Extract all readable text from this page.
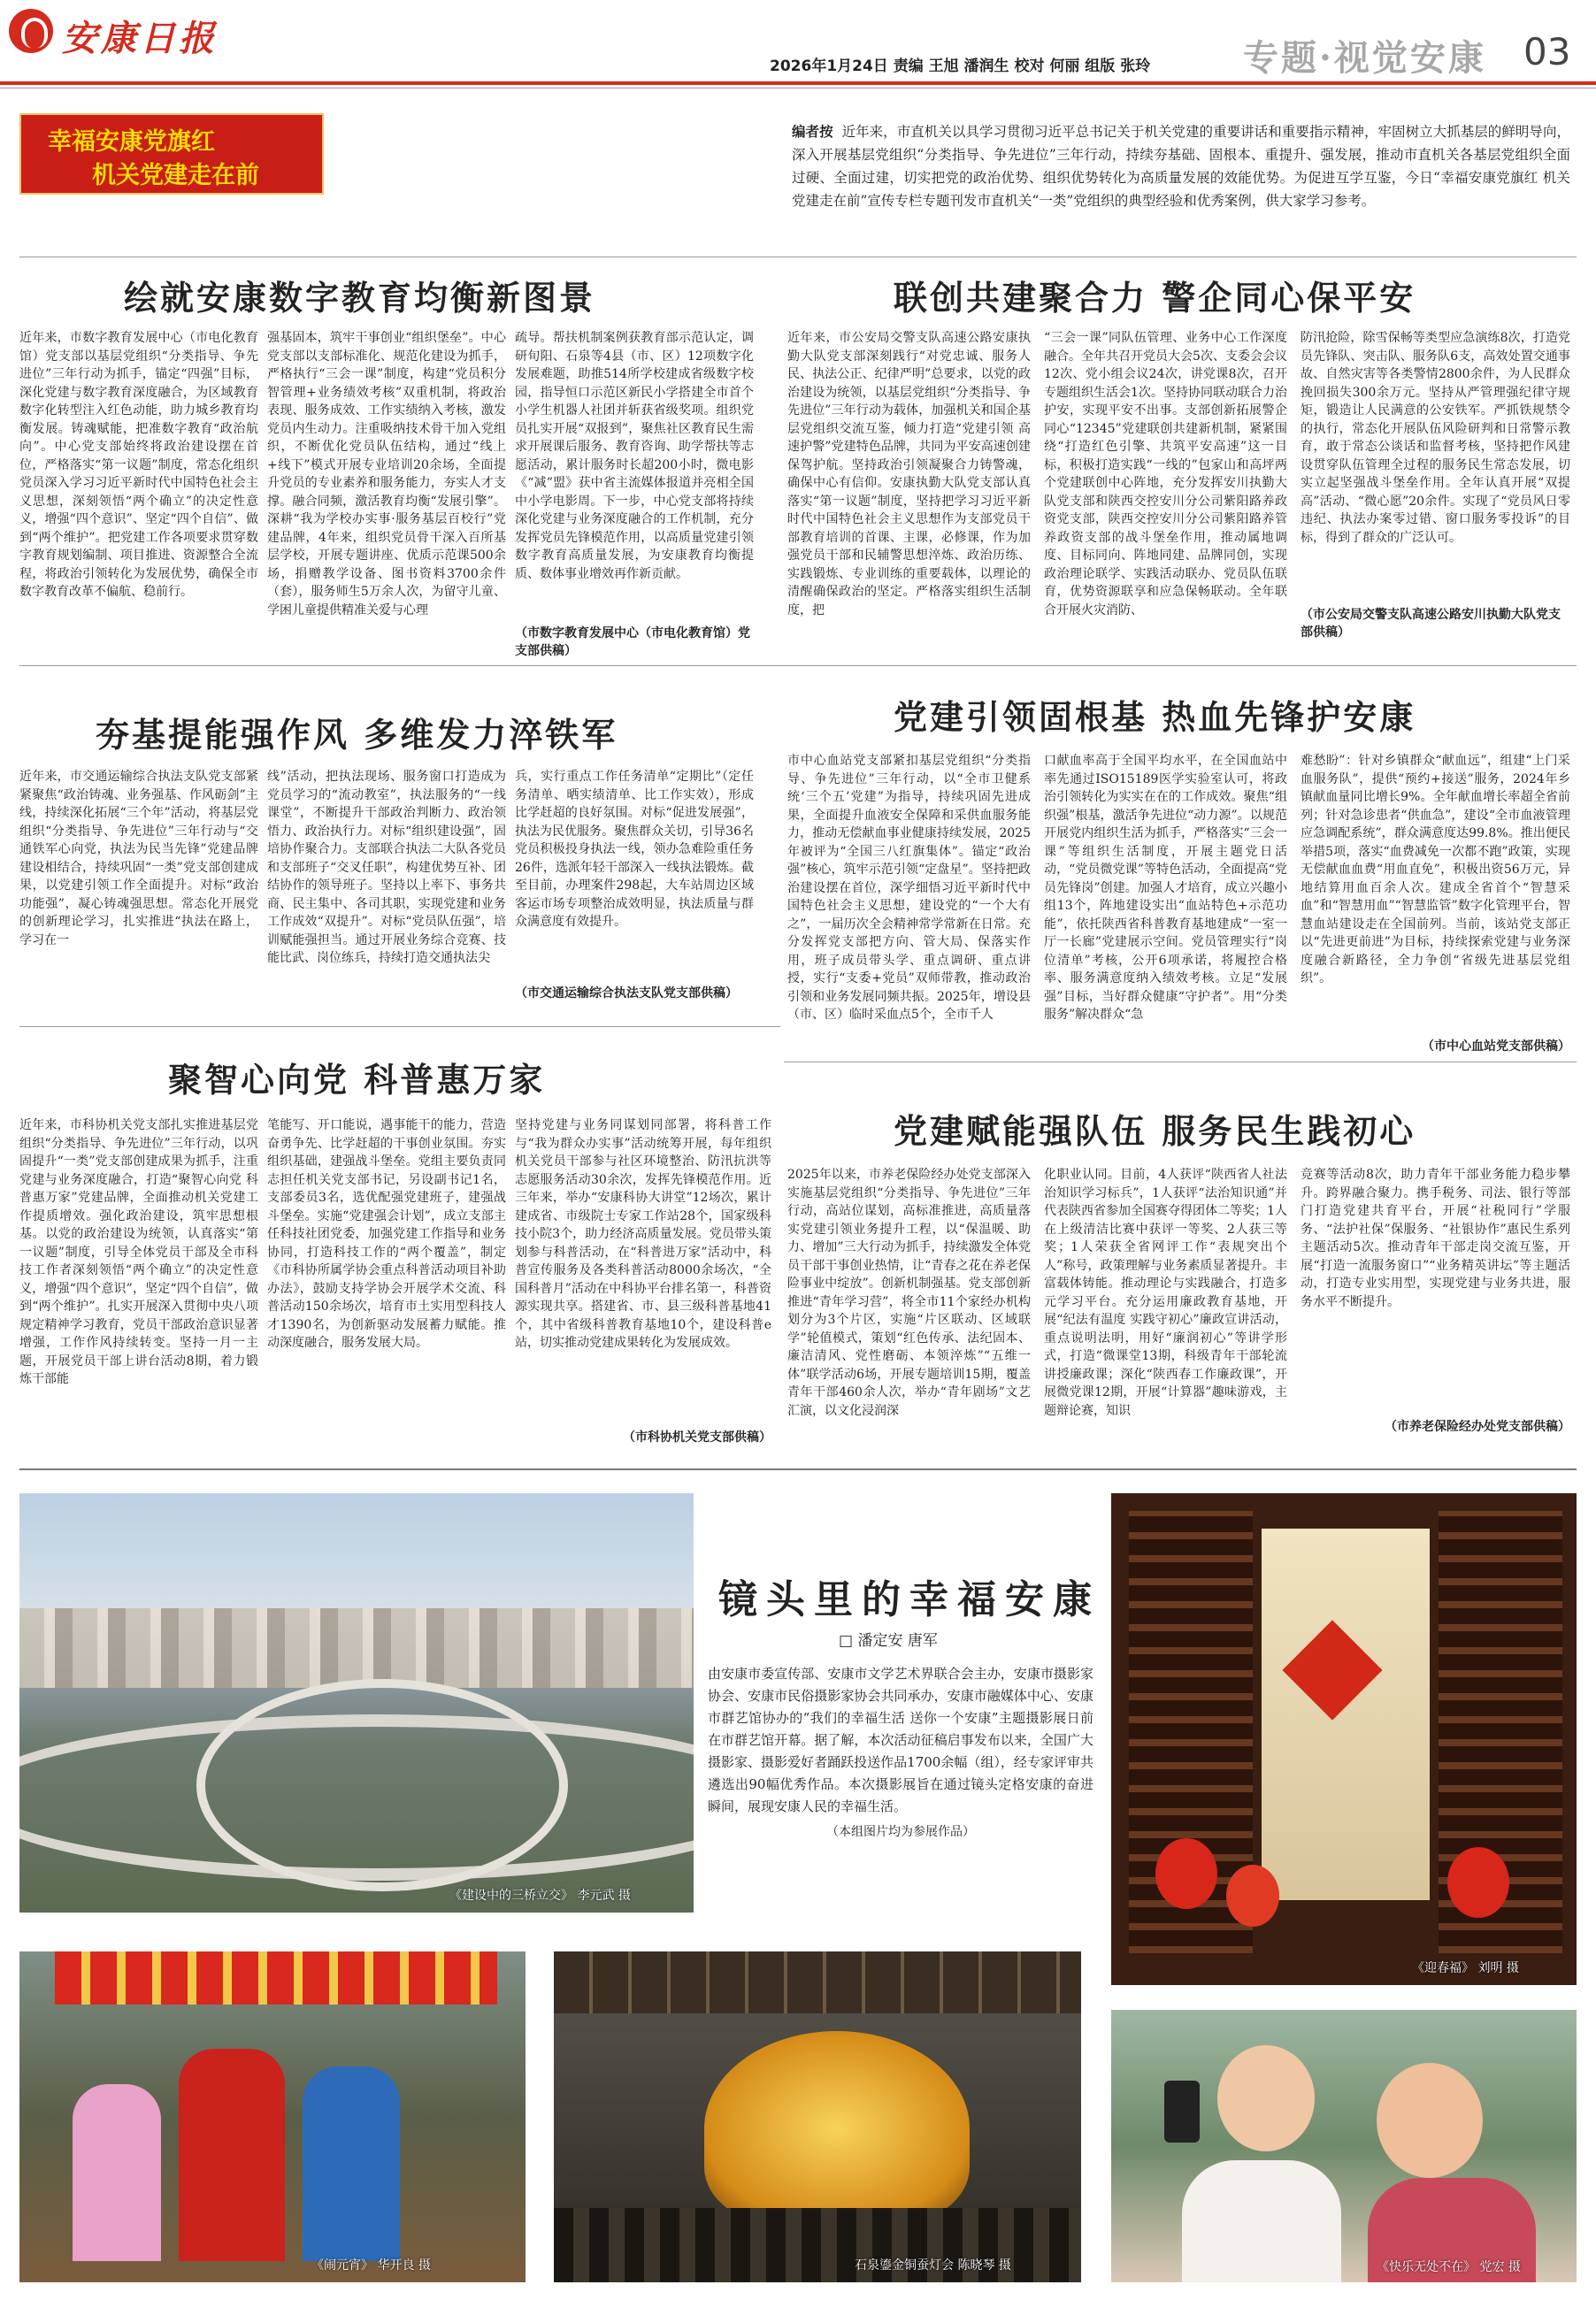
安康日报
2026年1月24日 责编 王旭 潘润生 校对 何丽 组版 张玲	专题·视觉安康 03
幸福安康党旗红
机关党建走在前
编者按 近年来，市直机关以具学习贯彻习近平总书记关于机关党建的重要讲话和重要指示精神，牢固树立大抓基层的鲜明导向，深入开展基层党组织“分类指导、争先进位”三年行动，持续夯基础、固根本、重提升、强发展，推动市直机关各基层党组织全面过硬、全面过建，切实把党的政治优势、组织优势转化为高质量发展的效能优势。为促进互学互鉴，今日“幸福安康党旗红 机关党建走在前”宣传专栏专题刊发市直机关“一类”党组织的典型经验和优秀案例，供大家学习参考。
绘就安康数字教育均衡新图景
近年来，市数字教育发展中心（市电化教育馆）党支部以基层党组织“分类指导、争先进位”三年行动为抓手，锚定“四强”目标，深化党建与数字教育深度融合，为区域教育数字化转型注入红色动能，助力城乡教育均衡发展。铸魂赋能，把准数字教育“政治航向”。中心党支部始终将政治建设摆在首位，严格落实“第一议题”制度，常态化组织党员深入学习习近平新时代中国特色社会主义思想，深刻领悟“两个确立”的决定性意义，增强“四个意识”、坚定“四个自信”、做到“两个维护”。把党建工作各项要求贯穿数字教育规划编制、项目推进、资源整合全流程，将政治引领转化为发展优势，确保全市数字教育改革不偏航、稳前行。
强基固本，筑牢干事创业“组织堡垒”。中心党支部以支部标准化、规范化建设为抓手，严格执行“三会一课”制度，构建“党员积分智管理+业务绩效考核”双重机制，将政治表现、服务成效、工作实绩纳入考核，激发党员内生动力。注重吸纳技术骨干加入党组织，不断优化党员队伍结构，通过“线上+线下”模式开展专业培训20余场，全面提升党员的专业素养和服务能力，夯实人才支撑。融合同频，激活教育均衡“发展引擎”。深耕“我为学校办实事·服务基层百校行”党建品牌，4年来，组织党员骨干深入百所基层学校，开展专题讲座、优质示范课500余场，捐赠教学设备、图书资料3700余件（套），服务师生5万余人次，为留守儿童、学困儿童提供精准关爱与心理
疏导。帮扶机制案例获教育部示范认定，调研旬阳、石泉等4县（市、区）12项数字化发展难题，助推514所学校建成省级数字校园，指导恒口示范区新民小学搭建全市首个小学生机器人社团并斩获省级奖项。组织党员扎实开展“双报到”，聚焦社区教育民生需求开展课后服务、教育咨询、助学帮扶等志愿活动，累计服务时长超200小时，微电影《“减”盟》获中省主流媒体报道并亮相全国中小学电影周。下一步，中心党支部将持续深化党建与业务深度融合的工作机制，充分发挥党员先锋模范作用，以高质量党建引领数字教育高质量发展，为安康教育均衡提质、数体事业增效再作新贡献。
（市数字教育发展中心（市电化教育馆）党支部供稿）
联创共建聚合力 警企同心保平安
近年来，市公安局交警支队高速公路安康执勤大队党支部深刻践行“对党忠诚、服务人民、执法公正、纪律严明”总要求，以党的政治建设为统领，以基层党组织“分类指导、争先进位”三年行动为载体，加强机关和国企基层党组织交流互鉴，倾力打造“党建引领 高速护警”党建特色品牌，共同为平安高速创建保驾护航。坚持政治引领凝聚合力铸警魂，确保中心有信仰。安康执勤大队党支部认真落实“第一议题”制度，坚持把学习习近平新时代中国特色社会主义思想作为支部党员干部教育培训的首课、主课，必修课，作为加强党员干部和民辅警思想淬炼、政治历练、实践锻炼、专业训练的重要载体，以理论的清醒确保政治的坚定。严格落实组织生活制度，把
“三会一课”同队伍管理、业务中心工作深度融合。全年共召开党员大会5次、支委会会议12次、党小组会议24次，讲党课8次，召开专题组织生活会1次。坚持协同联动联合力治护安，实现平安不出事。支部创新拓展警企同心“12345”党建联创共建新机制，紧紧围绕“打造红色引擎、共筑平安高速”这一目标，积极打造实践“一线的”包家山和高坪两个党建联创中心阵地，充分发挥安川执勤大队党支部和陕西交控安川分公司紫阳路养政资党支部，陕西交控安川分公司紫阳路养管养政资支部的战斗堡垒作用，推动属地调度、目标同向、阵地同建、品牌同创，实现政治理论联学、实践活动联办、党员队伍联育，优势资源联享和应急保畅联动。全年联合开展火灾消防、
防汛抢险，除雪保畅等类型应急演练8次，打造党员先锋队、突击队、服务队6支，高效处置交通事故、自然灾害等各类警情2800余件，为人民群众挽回损失300余万元。坚持从严管理强纪律守规矩，锻造让人民满意的公安铁军。严抓铁规禁令的执行，常态化开展队伍风险研判和日常警示教育，敢于常态公谈话和监督考核，坚持把作风建设贯穿队伍管理全过程的服务民生常态发展，切实立起坚强战斗堡垒作用。全年认真开展“双提高”活动、“微心愿”20余件。实现了“党员风日零违纪、执法办案零过错、窗口服务零投诉”的目标，得到了群众的广泛认可。
（市公安局交警支队高速公路安川执勤大队党支部供稿）
夯基提能强作风 多维发力淬铁军
近年来，市交通运输综合执法支队党支部紧紧聚焦“政治铸魂、业务强基、作风砺剑”主线，持续深化拓展“三个年”活动，将基层党组织“分类指导、争先进位”三年行动与“交通铁军心向党，执法为民当先锋”党建品牌建设相结合，持续巩固“一类”党支部创建成果，以党建引领工作全面提升。对标“政治功能强”，凝心铸魂强思想。常态化开展党的创新理论学习，扎实推进“执法在路上，学习在一
线”活动，把执法现场、服务窗口打造成为党员学习的“流动教室”，执法服务的“一线课堂”，不断提升干部政治判断力、政治领悟力、政治执行力。对标“组织建设强”，固培协作聚合力。支部联合执法二大队各党员和支部班子“交叉任职”，构建优势互补、团结协作的领导班子。坚持以上率下、事务共商、民主集中、各司其职，实现党建和业务工作成效“双提升”。对标“党员队伍强”，培训赋能强担当。通过开展业务综合竞赛、技能比武、岗位练兵，持续打造交通执法尖
兵，实行重点工作任务清单“定期比”（定任务清单、晒实绩清单、比工作实效），形成比学赶超的良好氛围。对标“促进发展强”，执法为民优服务。聚焦群众关切，引导36名党员积极投身执法一线，领办急难险重任务26件，选派年轻干部深入一线执法锻炼。截至目前，办理案件298起，大车站周边区域客运市场专项整治成效明显，执法质量与群众满意度有效提升。
（市交通运输综合执法支队党支部供稿）
党建引领固根基 热血先锋护安康
市中心血站党支部紧扣基层党组织“分类指导、争先进位”三年行动，以“全市卫健系统‘三个五’党建”为指导，持续巩固先进成果，全面提升血液安全保障和采供血服务能力，推动无偿献血事业健康持续发展，2025年被评为“全国三八红旗集体”。锚定“政治强”核心，筑牢示范引领“定盘星”。坚持把政治建设摆在首位，深学细悟习近平新时代中国特色社会主义思想，建设党的“一个大有之”，一届历次全会精神常学常新在日常。充分发挥党支部把方向、管大局、保落实作用，班子成员带头学、重点调研、重点讲授，实行“支委+党员”双师带教，推动政治引领和业务发展同频共振。2025年，增设县（市、区）临时采血点5个，全市千人
口献血率高于全国平均水平，在全国血站中率先通过ISO15189医学实验室认可，将政治引领转化为实实在在的工作成效。聚焦“组织强”根基，激活争先进位“动力源”。以规范开展党内组织生活为抓手，严格落实“三会一课”等组织生活制度，开展主题党日活动，“党员微党课”等特色活动，全面提高“党员先锋岗”创建。加强人才培育，成立兴趣小组13个，阵地建设实出“血站特色+示范功能”，依托陕西省科普教育基地建成“一室一厅一长廊”党建展示空间。党员管理实行“岗位清单”考核，公开6项承诺，将履控合格率、服务满意度纳入绩效考核。立足“发展强”目标，当好群众健康“守护者”。用“分类服务”解决群众“急
难愁盼”：针对乡镇群众“献血远”，组建“上门采血服务队”，提供“预约+接送”服务，2024年乡镇献血量同比增长9%。全年献血增长率超全省前列；针对急诊患者“供血急”，建设“全市血液管理应急调配系统”，群众满意度达99.8%。推出便民举措5项，落实“血费减免一次都不跑”政策，实现无偿献血血费“用血直免”，积极出资56万元，异地结算用血百余人次。建成全省首个“智慧采血”和“智慧用血”“智慧监管”数字化管理平台，智慧血站建设走在全国前列。当前，该站党支部正以“先进更前进”为目标，持续探索党建与业务深度融合新路径，全力争创“省级先进基层党组织”。
（市中心血站党支部供稿）
聚智心向党 科普惠万家
近年来，市科协机关党支部扎实推进基层党组织“分类指导、争先进位”三年行动，以巩固提升“一类”党支部创建成果为抓手，注重党建与业务深度融合，打造“聚智心向党 科普惠万家”党建品牌，全面推动机关党建工作提质增效。强化政治建设，筑牢思想根基。以党的政治建设为统领，认真落实“第一议题”制度，引导全体党员干部及全市科技工作者深刻领悟“两个确立”的决定性意义，增强“四个意识”，坚定“四个自信”，做到“两个维护”。扎实开展深入贯彻中央八项规定精神学习教育，党员干部政治意识显著增强，工作作风持续转变。坚持一月一主题，开展党员干部上讲台活动8期，着力锻炼干部能
笔能写、开口能说，遇事能干的能力，营造奋勇争先、比学赶超的干事创业氛围。夯实组织基础，建强战斗堡垒。党组主要负责同志担任机关党支部书记，另设副书记1名，支部委员3名，选优配强党建班子，建强战斗堡垒。实施“党建强会计划”，成立支部主任科技社团党委，加强党建工作指导和业务协同，打造科技工作的“两个覆盖”，制定《市科协所属学协会重点科普活动项目补助办法》，鼓励支持学协会开展学术交流、科普活动150余场次，培育市土实用型科技人才1390名，为创新驱动发展蓄力赋能。推动深度融合，服务发展大局。
坚持党建与业务同谋划同部署，将科普工作与“我为群众办实事”活动统筹开展，每年组织机关党员干部参与社区环境整治、防汛抗洪等志愿服务活动30余次，发挥先锋模范作用。近三年来，举办“安康科协大讲堂”12场次，累计建成省、市级院士专家工作站28个，国家级科技小院3个，助力经济高质量发展。党员带头策划参与科普活动，在“科普进万家”活动中，科普宣传服务及各类科普活动8000余场次，“全国科普月”活动在中科协平台排名第一，科普资源实现共享。搭建省、市、县三级科普基地41个，其中省级科普教育基地10个，建设科普e站，切实推动党建成果转化为发展成效。
（市科协机关党支部供稿）
党建赋能强队伍 服务民生践初心
2025年以来，市养老保险经办处党支部深入实施基层党组织“分类指导、争先进位”三年行动，高站位谋划，高标准推进，高质量落实党建引领业务提升工程，以“保温暖、助力、增加”三大行动为抓手，持续激发全体党员干部干事创业热情，让“青春之花在养老保险事业中绽放”。创新机制强基。党支部创新推进“青年学习营”，将全市11个家经办机构划分为3个片区，实施“片区联动、区域联学”轮值模式，策划“红色传承、法纪固本、廉洁清风、党性磨砺、本领淬炼”“五维一体”联学活动6场，开展专题培训15期，覆盖青年干部460余人次，举办“青年剧场”文艺汇演，以文化浸润深
化职业认同。目前，4人获评“陕西省人社法治知识学习标兵”，1人获评“法治知识通”并代表陕西省参加全国赛夺得团体二等奖；1人在上级清洁比赛中获评一等奖、2人获三等奖；1人荣获全省网评工作“表规突出个人”称号，政策理解与业务素质显著提升。丰富载体铸能。推动理论与实践融合，打造多元学习平台。充分运用廉政教育基地，开展“纪法有温度 实践守初心”廉政宣讲活动，重点说明法明，用好“廉润初心”等讲学形式，打造“微课堂13期，科级青年干部轮流讲授廉政课；深化“陕西春工作廉政课”，开展微党课12期，开展“计算器”趣味游戏，主题辩论赛，知识
竞赛等活动8次，助力青年干部业务能力稳步攀升。跨界融合聚力。携手税务、司法、银行等部门打造党建共育平台，开展“社税同行”学服务、“法护社保”保服务、“社银协作”惠民生系列主题活动5次。推动青年干部走岗交流互鉴，开展“打造一流服务窗口”“业务精英讲坛”等主题活动，打造专业实用型，实现党建与业务共进，服务水平不断提升。
（市养老保险经办处党支部供稿）
《建设中的三桥立交》 李元武 摄
镜头里的幸福安康
□ 潘定安 唐军
由安康市委宣传部、安康市文学艺术界联合会主办，安康市摄影家协会、安康市民俗摄影家协会共同承办，安康市融媒体中心、安康市群艺馆协办的“我们的幸福生活 送你一个安康”主题摄影展日前在市群艺馆开幕。据了解，本次活动征稿启事发布以来，全国广大摄影家、摄影爱好者踊跃投送作品1700余幅（组），经专家评审共遴选出90幅优秀作品。本次摄影展旨在通过镜头定格安康的奋进瞬间，展现安康人民的幸福生活。
（本组图片均为参展作品）
《迎春福》 刘明 摄
《闹元宵》 华开良 摄	石泉鎏金铜蚕灯会 陈晓琴 摄	《快乐无处不在》 党宏 摄
